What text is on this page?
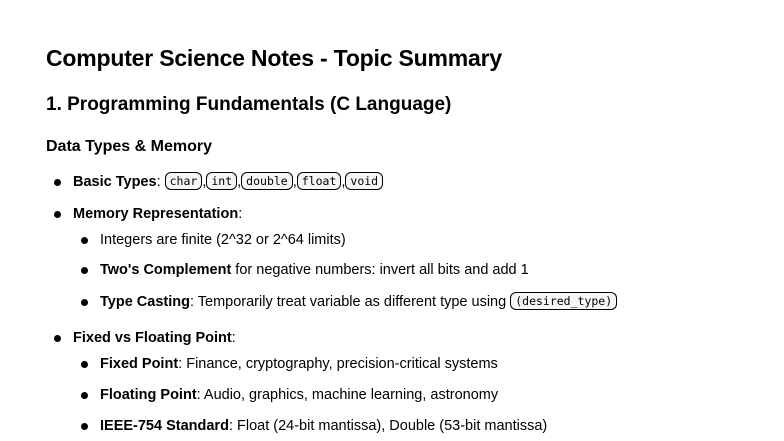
Computer Science Notes - Topic Summary
1. Programming Fundamentals (C Language)
Data Types & Memory
Basic Types: char , int , double , float , void
Memory Representation:
Integers are finite (2^32 or 2^64 limits)
Two's Complement for negative numbers: invert all bits and add 1
Type Casting: Temporarily treat variable as different type using (desired_type)
Fixed vs Floating Point:
Fixed Point: Finance, cryptography, precision-critical systems
Floating Point: Audio, graphics, machine learning, astronomy
IEEE-754 Standard: Float (24-bit mantissa), Double (53-bit mantissa)
